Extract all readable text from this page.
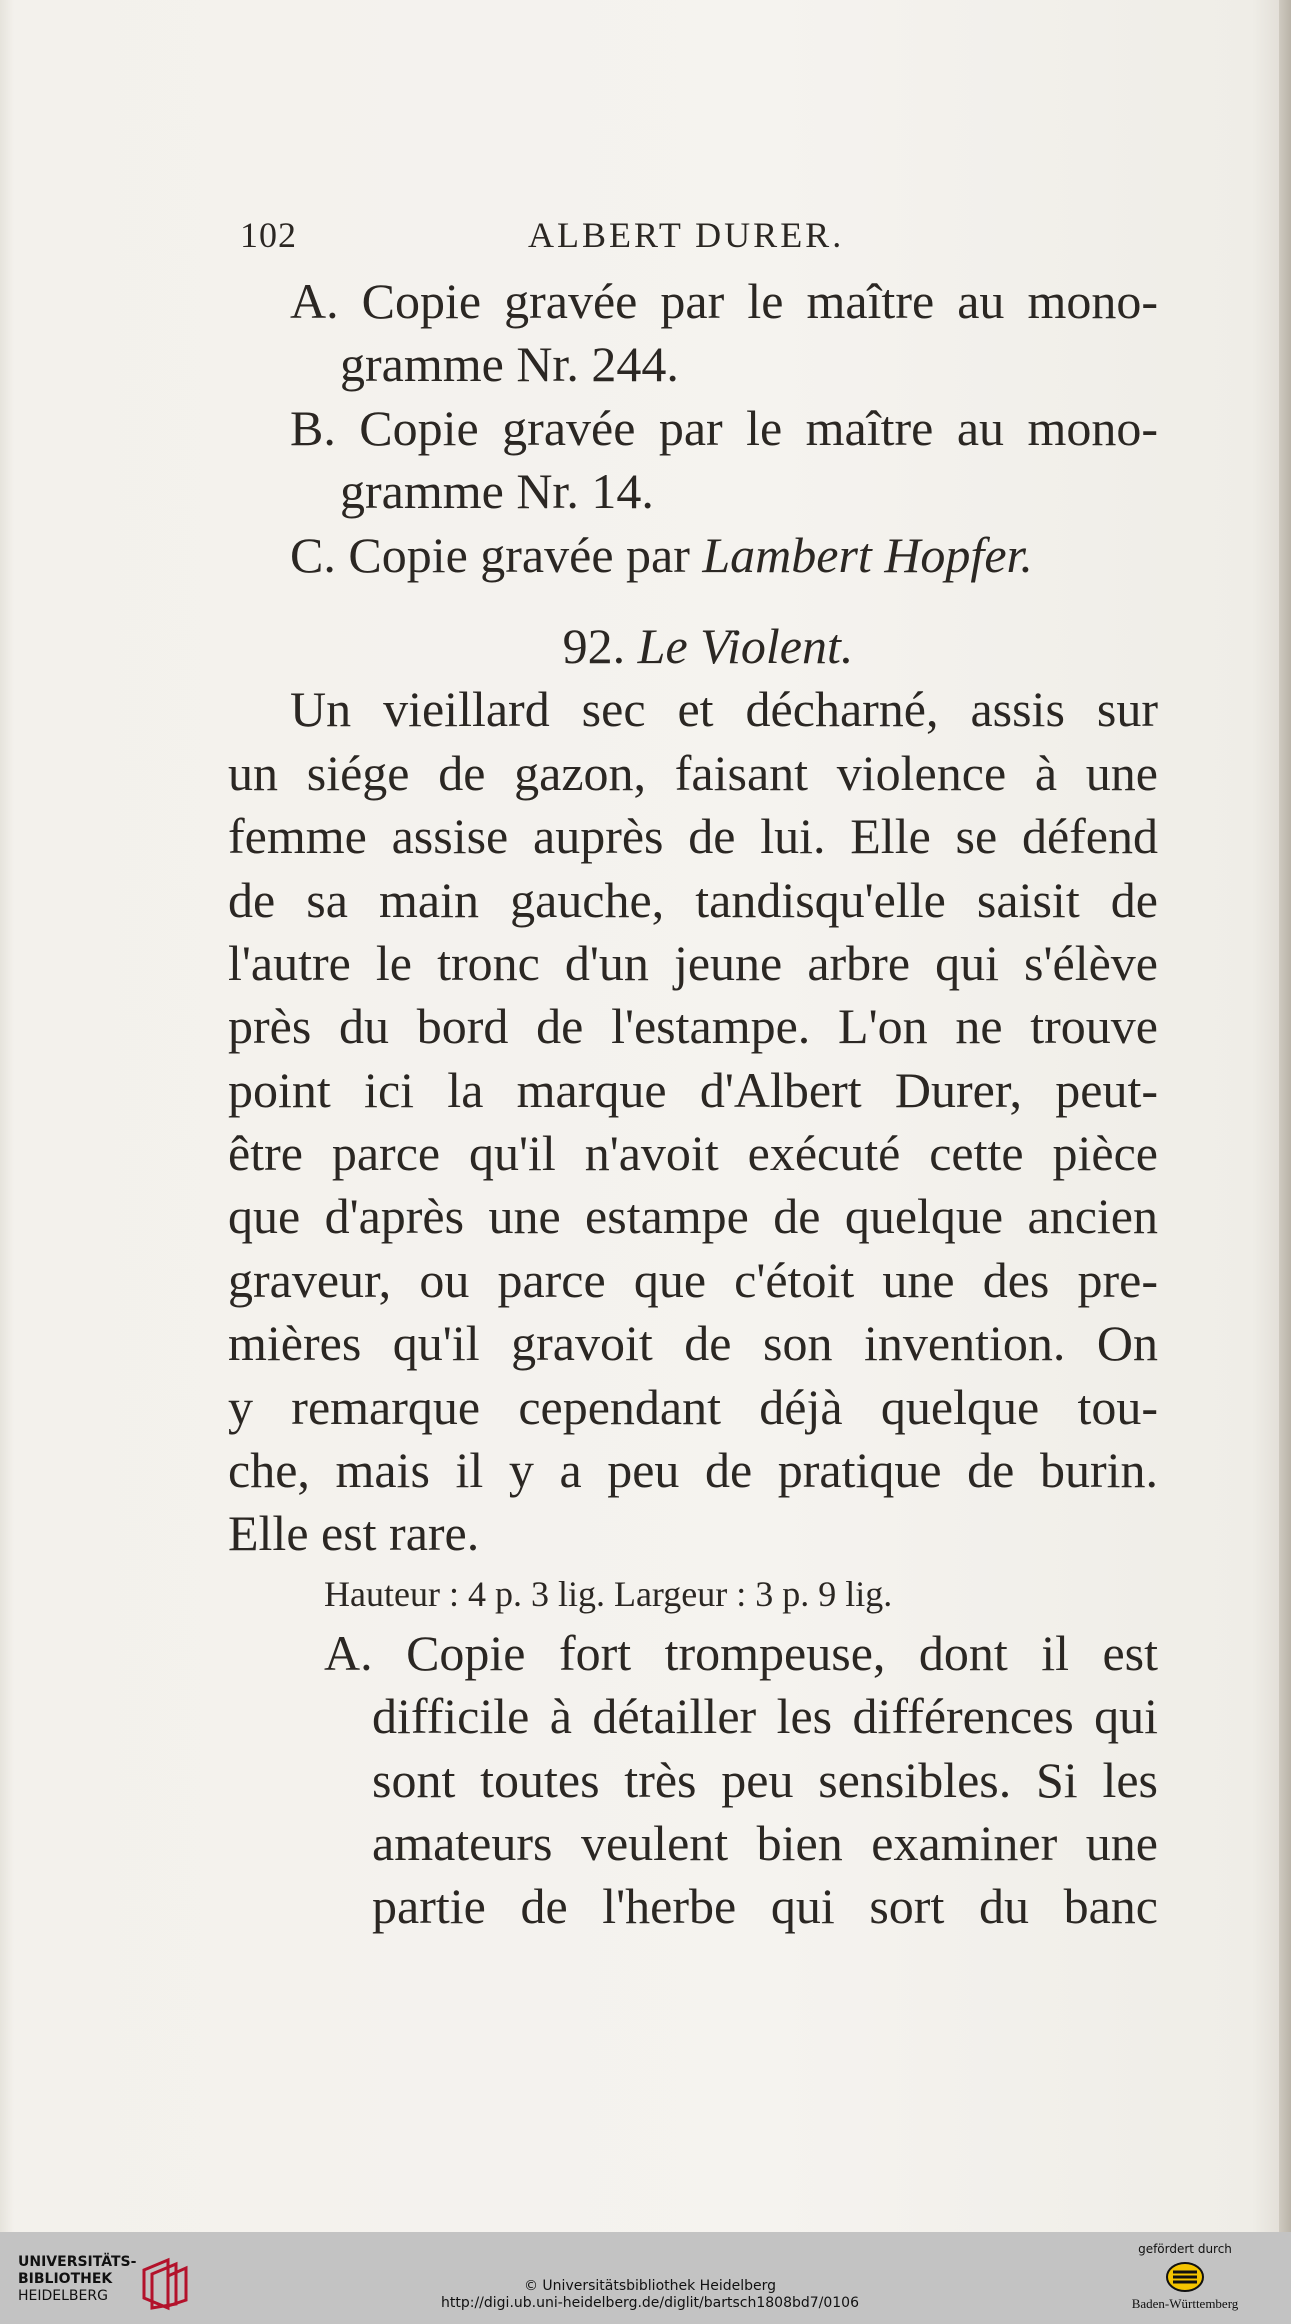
102	ALBERT DURER.
A. Copie gravée par le maître au mono-
gramme Nr. 244.
B. Copie gravée par le maître au mono-
gramme Nr. 14.
C. Copie gravée par Lambert Hopfer.
92. Le Violent.
Un vieillard sec et décharné, assis sur
un siége de gazon, faisant violence à une
femme assise auprès de lui. Elle se défend
de sa main gauche, tandisqu'elle saisit de
l'autre le tronc d'un jeune arbre qui s'élève
près du bord de l'estampe. L'on ne trouve
point ici la marque d'Albert Durer, peut-
être parce qu'il n'avoit exécuté cette pièce
que d'après une estampe de quelque ancien
graveur, ou parce que c'étoit une des pre-
mières qu'il gravoit de son invention. On
y remarque cependant déjà quelque tou-
che, mais il y a peu de pratique de burin.
Elle est rare.
Hauteur : 4 p. 3 lig. Largeur : 3 p. 9 lig.
A. Copie fort trompeuse, dont il est
difficile à détailler les différences qui
sont toutes très peu sensibles. Si les
amateurs veulent bien examiner une
partie de l'herbe qui sort du banc
UNIVERSITÄTS-
BIBLIOTHEK
HEIDELBERG
© Universitätsbibliothek Heidelberg
http://digi.ub.uni-heidelberg.de/diglit/bartsch1808bd7/0106
gefördert durch
Baden-Württemberg
